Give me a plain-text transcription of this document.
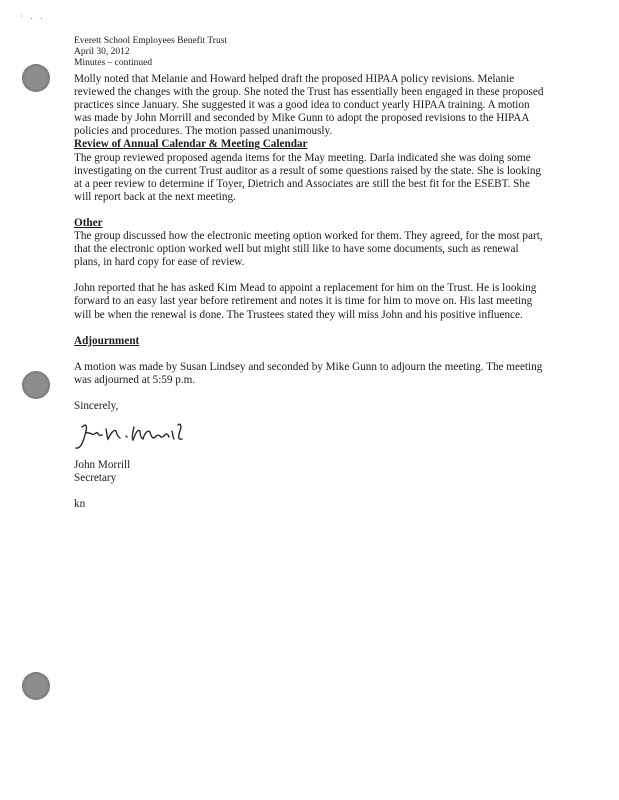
· . .
Everett School Employees Benefit Trust
April 30, 2012
Minutes – continued

Molly noted that Melanie and Howard helped draft the proposed HIPAA policy revisions. Melanie reviewed the changes with the group. She noted the Trust has essentially been engaged in these proposed practices since January. She suggested it was a good idea to conduct yearly HIPAA training. A motion was made by John Morrill and seconded by Mike Gunn to adopt the proposed revisions to the HIPAA policies and procedures. The motion passed unanimously.

Review of Annual Calendar & Meeting Calendar

The group reviewed proposed agenda items for the May meeting. Darla indicated she was doing some investigating on the current Trust auditor as a result of some questions raised by the state. She is looking at a peer review to determine if Toyer, Dietrich and Associates are still the best fit for the ESEBT. She will report back at the next meeting.

Other

The group discussed how the electronic meeting option worked for them. They agreed, for the most part, that the electronic option worked well but might still like to have some documents, such as renewal plans, in hard copy for ease of review.

John reported that he has asked Kim Mead to appoint a replacement for him on the Trust. He is looking forward to an easy last year before retirement and notes it is time for him to move on. His last meeting will be when the renewal is done. The Trustees stated they will miss John and his positive influence.

Adjournment

A motion was made by Susan Lindsey and seconded by Mike Gunn to adjourn the meeting. The meeting was adjourned at 5:59 p.m.

Sincerely,

John Morrill

Secretary

kn
